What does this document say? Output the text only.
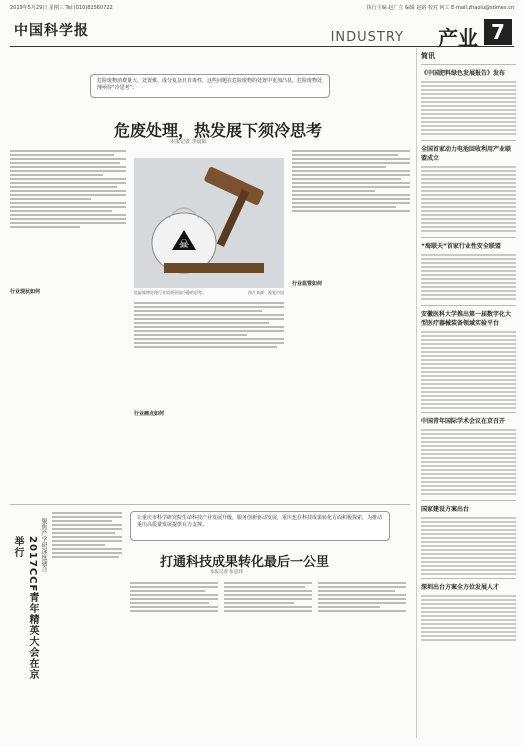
2019年5月29日 星期三 Tel:(010)82560722	执行主编 赵广立 编辑 赵路 校对 何工 E-mail:zhaolu@stimes.cn
中国科学报	INDUSTRY 产业 7
危险废物消费量大、处置难、成分复杂且有毒性，这些问题在危险废物的处置中更加凸显，危险废物处理亟待“冷思考”。
危废处理，热发展下须冷思考
本报记者 李晨阳
行业现状如何
☠
危险废物处理行业需要更加冷静的思考。	图片来源：视觉中国
行业痛点如何
行业监管如何
2017CCF青年精英大会在京举行	聚焦产学研深度融合	让重庆市科学研究院生命科技产业发展升级，服务创新驱动发展，重庆也在科技成果转化方面积极探索，为推动重庆高质量发展提供有力支撑。
打通科技成果转化最后一公里
本报记者 张思玮
简讯
《中国肥料绿色发展报告》发布
全国首家动力电池回收利用产业联盟成立
“海联天”首家行业性安全联盟
安徽医科大学推出第一届数字化大型医疗器械装备领域实验平台
中国青年国际学术会议在京召开
国家建设方案出台
深圳出台方案全方位发展人才
